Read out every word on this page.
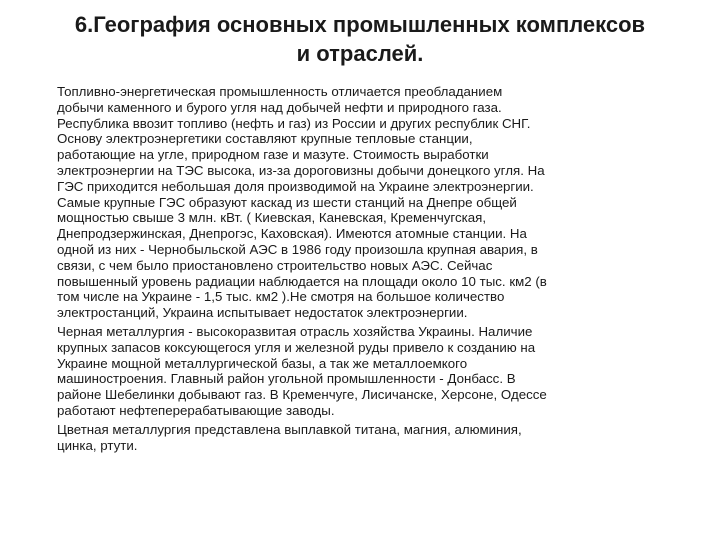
6.География основных промышленных комплексов
и отраслей.

Топливно-энергетическая промышленность отличается преобладанием
добычи каменного и бурого угля над добычей нефти и природного газа.
Республика ввозит топливо (нефть и газ) из России и других республик СНГ.
Основу электроэнергетики составляют крупные тепловые станции,
работающие на угле, природном газе и мазуте. Стоимость выработки
электроэнергии на ТЭС высока, из-за дороговизны добычи донецкого угля. На
ГЭС приходится небольшая доля производимой на Украине электроэнергии.
Самые крупные ГЭС образуют каскад из шести станций на Днепре общей
мощностью свыше 3 млн. кВт. ( Киевская, Каневская, Кременчугская,
Днепродзержинская, Днепрогэс, Каховская). Имеются атомные станции. На
одной из них - Чернобыльской АЭС в 1986 году произошла крупная авария, в
связи, с чем было приостановлено строительство новых АЭС. Сейчас
повышенный уровень радиации наблюдается на площади около 10 тыс. км2 (в
том числе на Украине - 1,5 тыс. км2 ).Не смотря на большое количество
электростанций, Украина испытывает недостаток электроэнергии.

Черная металлургия - высокоразвитая отрасль хозяйства Украины. Наличие
крупных запасов коксующегося угля и железной руды привело к созданию на
Украине мощной металлургической базы, а так же металлоемкого
машиностроения. Главный район угольной промышленности - Донбасс. В
районе Шебелинки добывают газ. В Кременчуге, Лисичанске, Херсоне, Одессе
работают нефтеперерабатывающие заводы.

Цветная металлургия представлена выплавкой титана, магния, алюминия,
цинка, ртути.
